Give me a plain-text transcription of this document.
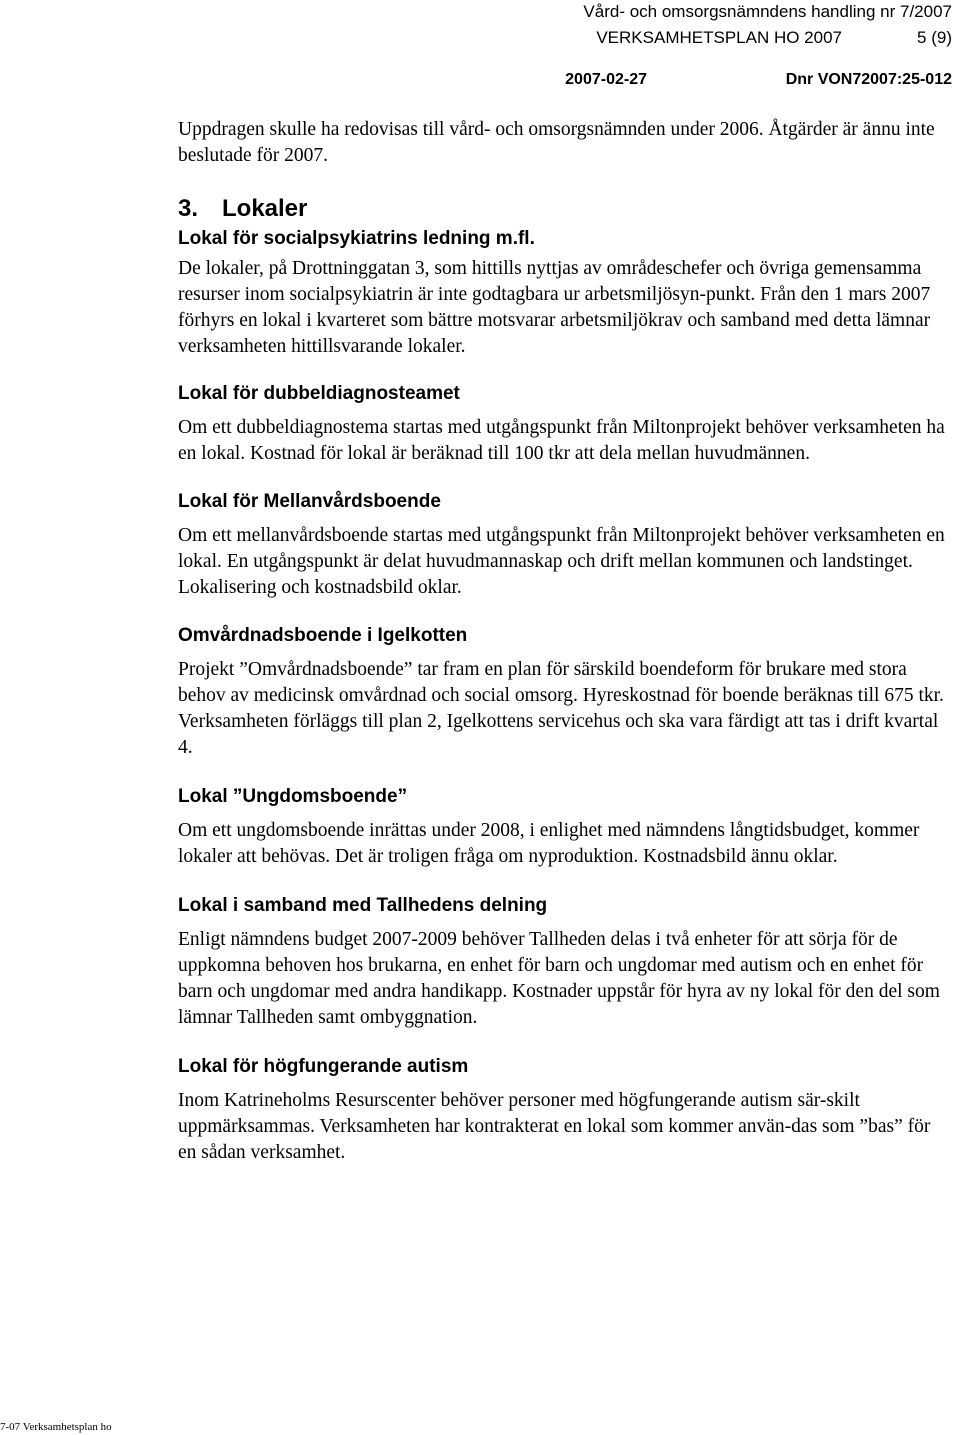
Vård- och omsorgsnämndens handling nr 7/2007
VERKSAMHETSPLAN HO 2007	5 (9)
2007-02-27	Dnr VON72007:25-012

Uppdragen skulle ha redovisas till vård- och omsorgsnämnden under 2006. Åtgärder är ännu inte beslutade för 2007.

3. Lokaler
Lokal för socialpsykiatrins ledning m.fl.

De lokaler, på Drottninggatan 3, som hittills nyttjas av områdeschefer och övriga gemensamma resurser inom socialpsykiatrin är inte godtagbara ur arbetsmiljösyn-punkt. Från den 1 mars 2007 förhyrs en lokal i kvarteret som bättre motsvarar arbetsmiljökrav och samband med detta lämnar verksamheten hittillsvarande lokaler.

Lokal för dubbeldiagnosteamet

Om ett dubbeldiagnostema startas med utgångspunkt från Miltonprojekt behöver verksamheten ha en lokal. Kostnad för lokal är beräknad till 100 tkr att dela mellan huvudmännen.

Lokal för Mellanvårdsboende

Om ett mellanvårdsboende startas med utgångspunkt från Miltonprojekt behöver verksamheten en lokal. En utgångspunkt är delat huvudmannaskap och drift mellan kommunen och landstinget. Lokalisering och kostnadsbild oklar.

Omvårdnadsboende i Igelkotten

Projekt ”Omvårdnadsboende” tar fram en plan för särskild boendeform för brukare med stora behov av medicinsk omvårdnad och social omsorg. Hyreskostnad för boende beräknas till 675 tkr. Verksamheten förläggs till plan 2, Igelkottens servicehus och ska vara färdigt att tas i drift kvartal 4.

Lokal ”Ungdomsboende”

Om ett ungdomsboende inrättas under 2008, i enlighet med nämndens långtidsbudget, kommer lokaler att behövas. Det är troligen fråga om nyproduktion. Kostnadsbild ännu oklar.

Lokal i samband med Tallhedens delning

Enligt nämndens budget 2007-2009 behöver Tallheden delas i två enheter för att sörja för de uppkomna behoven hos brukarna, en enhet för barn och ungdomar med autism och en enhet för barn och ungdomar med andra handikapp. Kostnader uppstår för hyra av ny lokal för den del som lämnar Tallheden samt ombyggnation.

Lokal för högfungerande autism

Inom Katrineholms Resurscenter behöver personer med högfungerande autism sär-skilt uppmärksammas. Verksamheten har kontrakterat en lokal som kommer använ-das som ”bas” för en sådan verksamhet.

7-07 Verksamhetsplan ho
